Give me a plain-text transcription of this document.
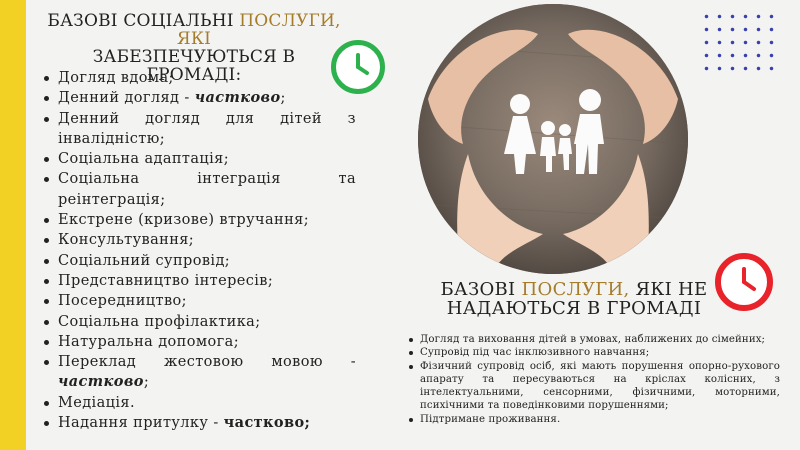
БАЗОВІ СОЦІАЛЬНІ ПОСЛУГИ, ЯКІ
ЗАБЕЗПЕЧУЮТЬСЯ В ГРОМАДІ:
Догляд вдома;
Денний догляд - частково;
Денний догляд для дітей з інвалідністю;
Соціальна адаптація;
Соціальна інтеграція та реінтеграція;
Екстрене (кризове) втручання;
Консультування;
Соціальний супровід;
Представництво інтересів;
Посередництво;
Соціальна профілактика;
Натуральна допомога;
Переклад жестовою мовою - частково;
Медіація.
Надання притулку - частково;
БАЗОВІ ПОСЛУГИ, ЯКІ НЕ
НАДАЮТЬСЯ В ГРОМАДІ
Догляд та виховання дітей в умовах, наближених до сімейних;
Супровід під час інклюзивного навчання;
Фізичний супровід осіб, які мають порушення опорно-рухового апарату та пересуваються на кріслах колісних, з інтелектуальними, сенсорними, фізичними, моторними, психічними та поведінковими порушеннями;
Підтримане проживання.
